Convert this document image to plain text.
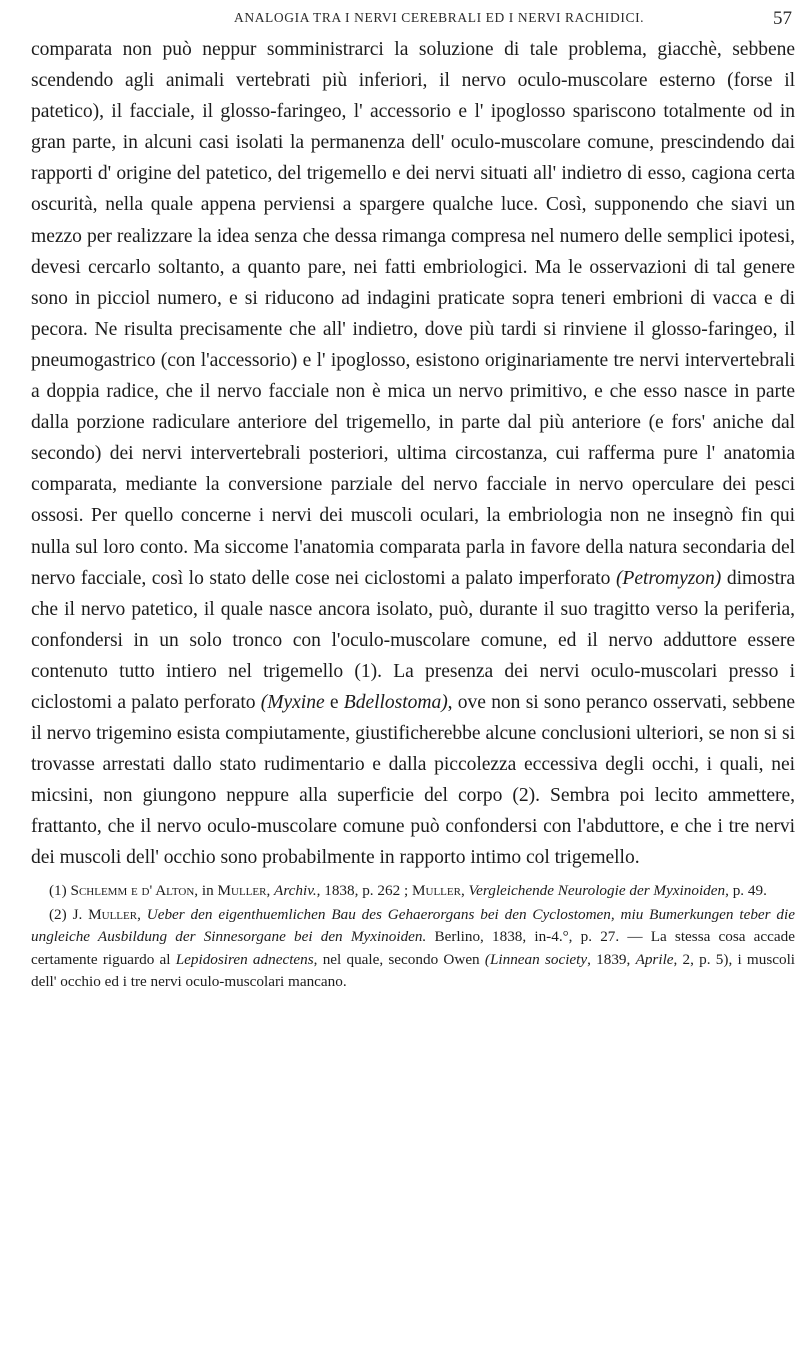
ANALOGIA TRA I NERVI CEREBRALI ED I NERVI RACHIDICI.	57

comparata non può neppur somministrarci la soluzione di tale problema, giacchè, sebbene scendendo agli animali vertebrati più inferiori, il nervo oculo-muscolare esterno (forse il patetico), il facciale, il glosso-faringeo, l' accessorio e l' ipoglosso spariscono totalmente od in gran parte, in alcuni casi isolati la permanenza dell' oculo-muscolare comune, prescindendo dai rapporti d' origine del patetico, del trigemello e dei nervi situati all' indietro di esso, cagiona certa oscurità, nella quale appena perviensi a spargere qualche luce. Così, supponendo che siavi un mezzo per realizzare la idea senza che dessa rimanga compresa nel numero delle semplici ipotesi, devesi cercarlo soltanto, a quanto pare, nei fatti embriologici. Ma le osservazioni di tal genere sono in picciol numero, e si riducono ad indagini praticate sopra teneri embrioni di vacca e di pecora. Ne risulta precisamente che all' indietro, dove più tardi si rinviene il glosso-faringeo, il pneumogastrico (con l'accessorio) e l' ipoglosso, esistono originariamente tre nervi intervertebrali a doppia radice, che il nervo facciale non è mica un nervo primitivo, e che esso nasce in parte dalla porzione radiculare anteriore del trigemello, in parte dal più anteriore (e fors' aniche dal secondo) dei nervi intervertebrali posteriori, ultima circostanza, cui rafferma pure l' anatomia comparata, mediante la conversione parziale del nervo facciale in nervo operculare dei pesci ossosi. Per quello concerne i nervi dei muscoli oculari, la embriologia non ne insegnò fin qui nulla sul loro conto. Ma siccome l'anatomia comparata parla in favore della natura secondaria del nervo facciale, così lo stato delle cose nei ciclostomi a palato imperforato (Petromyzon) dimostra che il nervo patetico, il quale nasce ancora isolato, può, durante il suo tragitto verso la periferia, confondersi in un solo tronco con l'oculo-muscolare comune, ed il nervo adduttore essere contenuto tutto intiero nel trigemello (1). La presenza dei nervi oculo-muscolari presso i ciclostomi a palato perforato (Myxine e Bdellostoma), ove non si sono peranco osservati, sebbene il nervo trigemino esista compiutamente, giustificherebbe alcune conclusioni ulteriori, se non si si trovasse arrestati dallo stato rudimentario e dalla piccolezza eccessiva degli occhi, i quali, nei micsini, non giungono neppure alla superficie del corpo (2). Sembra poi lecito ammettere, frattanto, che il nervo oculo-muscolare comune può confondersi con l'abduttore, e che i tre nervi dei muscoli dell' occhio sono probabilmente in rapporto intimo col trigemello.

(1) Schlemm e d' Alton, in Muller, Archiv., 1838, p. 262 ; Muller, Vergleichende Neurologie der Myxinoiden, p. 49.

(2) J. Muller, Ueber den eigenthuemlichen Bau des Gehaerorgans bei den Cyclostomen, miu Bumerkungen teber die ungleiche Ausbildung der Sinnesorgane bei den Myxinoiden. Berlino, 1838, in-4.°, p. 27. — La stessa cosa accade certamente riguardo al Lepidosiren adnectens, nel quale, secondo Owen (Linnean society, 1839, Aprile, 2, p. 5), i muscoli dell' occhio ed i tre nervi oculo-muscolari mancano.
